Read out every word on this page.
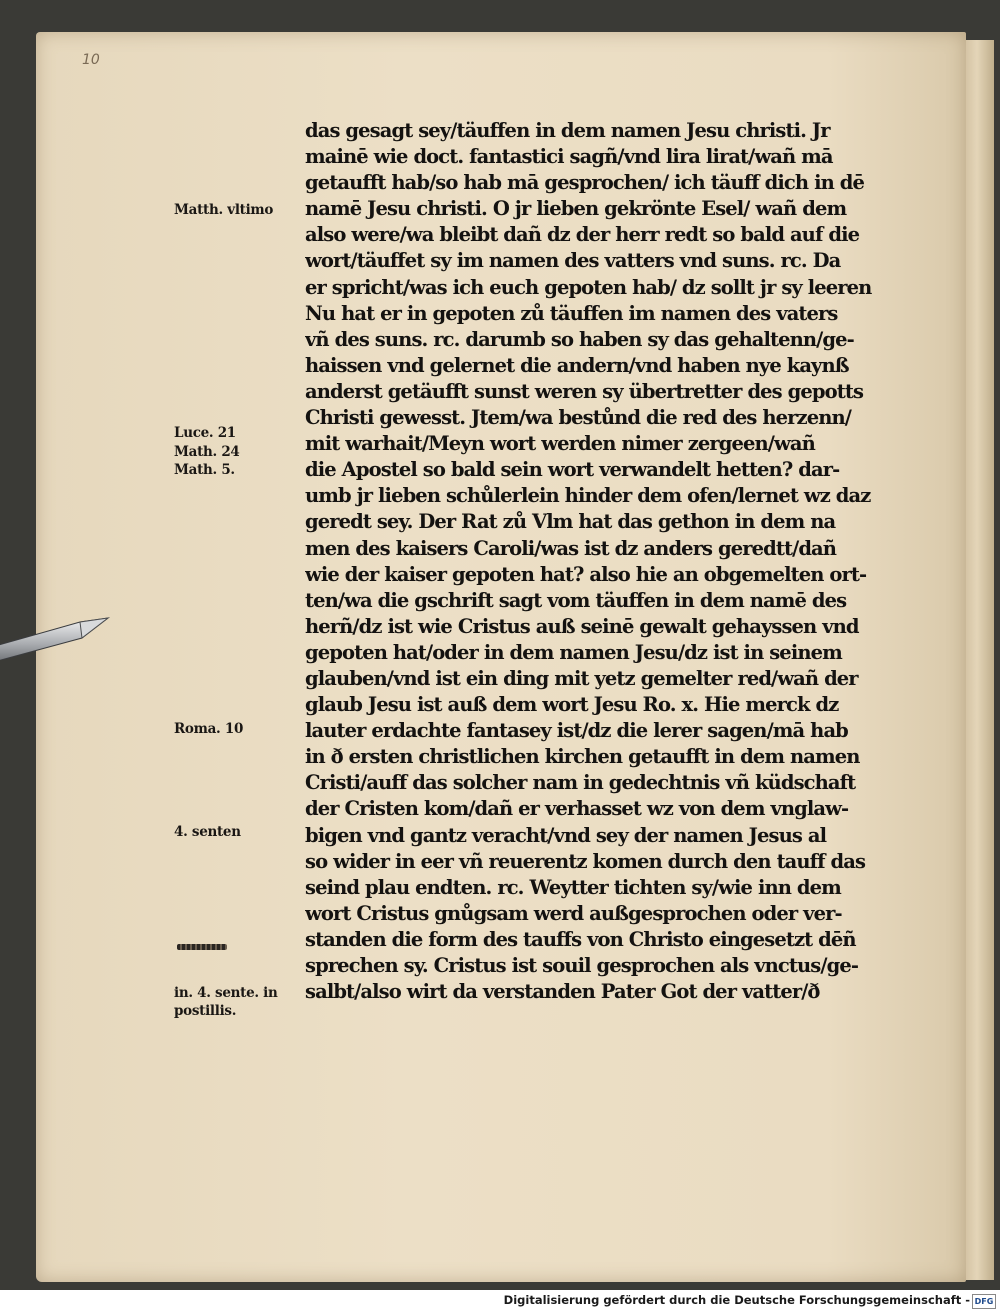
10
das gesagt sey/täuffen in dem namen Jesu christi. Jr
mainē wie doct. fantastici sagñ/vnd lira lirat/wañ mā
getaufft hab/so hab mā gesprochen/ ich täuff dich in dē
namē Jesu christi. O jr lieben gekrönte Esel/ wañ dem
also were/wa bleibt dañ dz der herr redt so bald auf die
wort/täuffet sy im namen des vatters vnd suns. rc. Da
er spricht/was ich euch gepoten hab/ dz sollt jr sy leeren
Nu hat er in gepoten zů täuffen im namen des vaters
vñ des suns. rc. darumb so haben sy das gehaltenn/ge-
haissen vnd gelernet die andern/vnd haben nye kaynß
anderst getäufft sunst weren sy übertretter des gepotts
Christi gewesst. Jtem/wa bestůnd die red des herzenn/
mit warhait/Meyn wort werden nimer zergeen/wañ
die Apostel so bald sein wort verwandelt hetten? dar-
umb jr lieben schůlerlein hinder dem ofen/lernet wz daz
geredt sey. Der Rat zů Vlm hat das gethon in dem na
men des kaisers Caroli/was ist dz anders geredtt/dañ
wie der kaiser gepoten hat? also hie an obgemelten ort-
ten/wa die gschrift sagt vom täuffen in dem namē des
herñ/dz ist wie Cristus auß seinē gewalt gehayssen vnd
gepoten hat/oder in dem namen Jesu/dz ist in seinem
glauben/vnd ist ein ding mit yetz gemelter red/wañ der
glaub Jesu ist auß dem wort Jesu Ro. x. Hie merck dz
lauter erdachte fantasey ist/dz die lerer sagen/mā hab
in ð ersten christlichen kirchen getaufft in dem namen
Cristi/auff das solcher nam in gedechtnis vñ küdschaft
der Cristen kom/dañ er verhasset wz von dem vnglaw-
bigen vnd gantz veracht/vnd sey der namen Jesus al
so wider in eer vñ reuerentz komen durch den tauff das
seind plau endten. rc. Weytter tichten sy/wie inn dem
wort Cristus gnůgsam werd außgesprochen oder ver-
standen die form des tauffs von Christo eingesetzt dēñ
sprechen sy. Cristus ist souil gesprochen als vnctus/ge-
salbt/also wirt da verstanden Pater Got der vatter/ð
Matth. vltimo
Luce. 21
Math. 24
Math. 5.
Roma. 10
4. senten
in. 4. sente. in
postillis.
Digitalisierung gefördert durch die Deutsche Forschungsgemeinschaft - DFG
